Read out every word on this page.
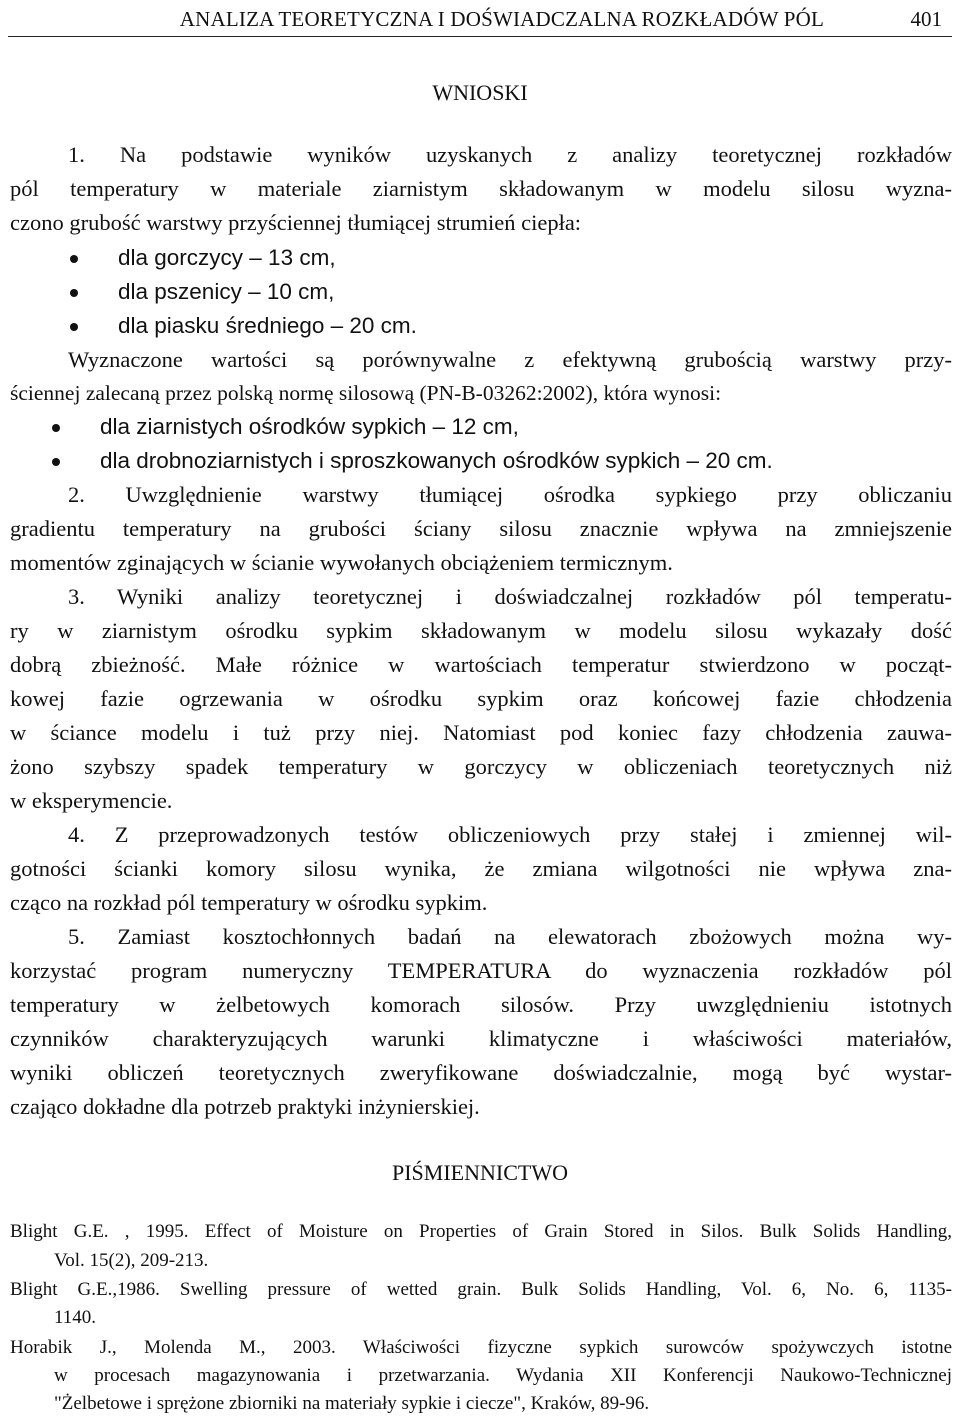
ANALIZA TEORETYCZNA I DOŚWIADCZALNA ROZKŁADÓW PÓL	401
WNIOSKI
1. Na podstawie wyników uzyskanych z analizy teoretycznej rozkładów
pól temperatury w materiale ziarnistym składowanym w modelu silosu wyzna-
czono grubość warstwy przyściennej tłumiącej strumień ciepła:
dla gorczycy – 13 cm,
dla pszenicy – 10 cm,
dla piasku średniego – 20 cm.
Wyznaczone wartości są porównywalne z efektywną grubością warstwy przy-
ściennej zalecaną przez polską normę silosową (PN-B-03262:2002), która wynosi:
dla ziarnistych ośrodków sypkich – 12 cm,
dla drobnoziarnistych i sproszkowanych ośrodków sypkich – 20 cm.
2. Uwzględnienie warstwy tłumiącej ośrodka sypkiego przy obliczaniu
gradientu temperatury na grubości ściany silosu znacznie wpływa na zmniejszenie
momentów zginających w ścianie wywołanych obciążeniem termicznym.
3. Wyniki analizy teoretycznej i doświadczalnej rozkładów pól temperatu-
ry w ziarnistym ośrodku sypkim składowanym w modelu silosu wykazały dość
dobrą zbieżność. Małe różnice w wartościach temperatur stwierdzono w począt-
kowej fazie ogrzewania w ośrodku sypkim oraz końcowej fazie chłodzenia
w ściance modelu i tuż przy niej. Natomiast pod koniec fazy chłodzenia zauwa-
żono szybszy spadek temperatury w gorczycy w obliczeniach teoretycznych niż
w eksperymencie.
4. Z przeprowadzonych testów obliczeniowych przy stałej i zmiennej wil-
gotności ścianki komory silosu wynika, że zmiana wilgotności nie wpływa zna-
cząco na rozkład pól temperatury w ośrodku sypkim.
5. Zamiast kosztochłonnych badań na elewatorach zbożowych można wy-
korzystać program numeryczny TEMPERATURA do wyznaczenia rozkładów pól
temperatury w żelbetowych komorach silosów. Przy uwzględnieniu istotnych
czynników charakteryzujących warunki klimatyczne i właściwości materiałów,
wyniki obliczeń teoretycznych zweryfikowane doświadczalnie, mogą być wystar-
czająco dokładne dla potrzeb praktyki inżynierskiej.
PIŚMIENNICTWO
Blight G.E. , 1995. Effect of Moisture on Properties of Grain Stored in Silos. Bulk Solids Handling,
Vol. 15(2), 209-213.
Blight G.E.,1986. Swelling pressure of wetted grain. Bulk Solids Handling, Vol. 6, No. 6, 1135-
1140.
Horabik J., Molenda M., 2003. Właściwości fizyczne sypkich surowców spożywczych istotne
w procesach magazynowania i przetwarzania. Wydania XII Konferencji Naukowo-Technicznej
"Żelbetowe i sprężone zbiorniki na materiały sypkie i ciecze", Kraków, 89-96.
